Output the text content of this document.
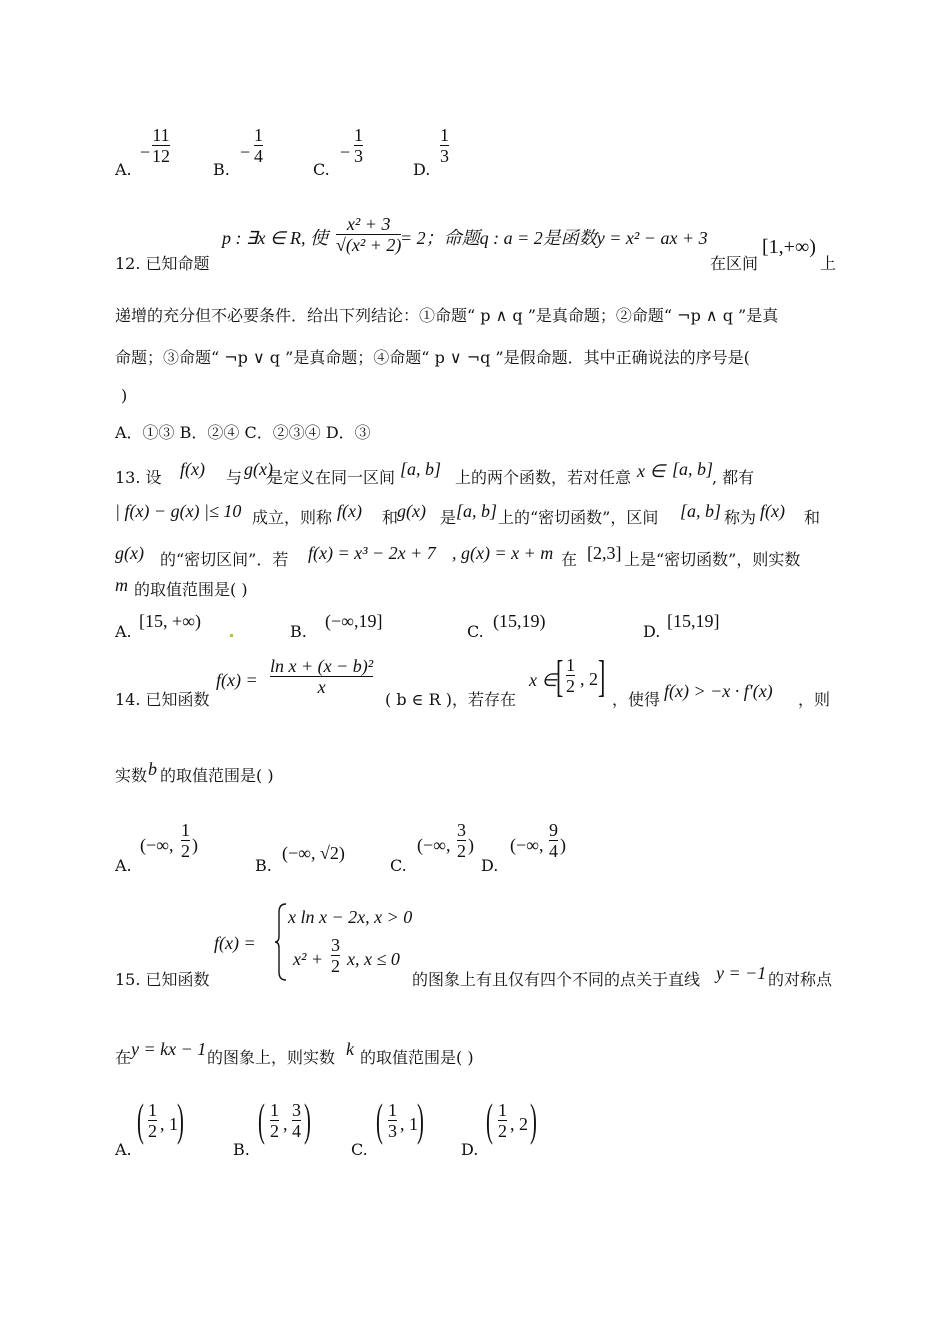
A.
−
11
12
B.
−
1
4
C.
−
1
3
D.
1
3
p : ∃x ∈ R, 使
x² + 3
√(x² + 2)
= 2；命题q : a = 2是函数y = x² − ax + 3
12. 已知命题	在区间
[1,+∞)
上
递增的充分但不必要条件．给出下列结论：①命题“ p ∧ q ”是真命题；②命题“ ¬p ∧ q ”是真
命题；③命题“ ¬p ∨ q ”是真命题；④命题“ p ∨ ¬q ”是假命题．其中正确说法的序号是(
)
A．①③ B．②④ C．②③④ D．③
13. 设 f(x) 与 g(x)
是定义在同一区间 [a, b] 上的两个函数，若对任意 x ∈ [a, b]
, 都有
| f(x) − g(x) |≤ 10 成立，则称 f(x) 和
g(x) 是 [a, b] 上的“密切函数”，区间 [a, b] 称为 f(x) 和
g(x) 的“密切区间”．若 f(x) = x³ − 2x + 7 , g(x) = x + m 在 [2,3] 上是“密切函数”，则实数
m 的取值范围是( )
A.
[15, +∞)
B.
(−∞,19]
C.
(15,19)
D.
[15,19]
14. 已知函数
f(x) =
ln x + (x − b)²
x
( b ∈ R )，若存在
x ∈
[ 1
2 , 2 ] ，使得 f(x) > −x · f′(x) ，则
实数 b 的取值范围是( )
A.
(−∞,
1
2 )
B.
(−∞, √2)
C.
(−∞,
3
2 )
D.
(−∞,
9
4 )
15. 已知函数
f(x) =
x ln x − 2x, x > 0
x² +
3
2 x, x ≤ 0
的图象上有且仅有四个不同的点关于直线 y = −1 的对称点
在 y = kx − 1 的图象上，则实数 k 的取值范围是( )
A.
( 1
2 , 1 )
B.
( 1
2 ,
3
4 )
C.
( 1
3 , 1 )
D.
( 1
2 , 2 )
